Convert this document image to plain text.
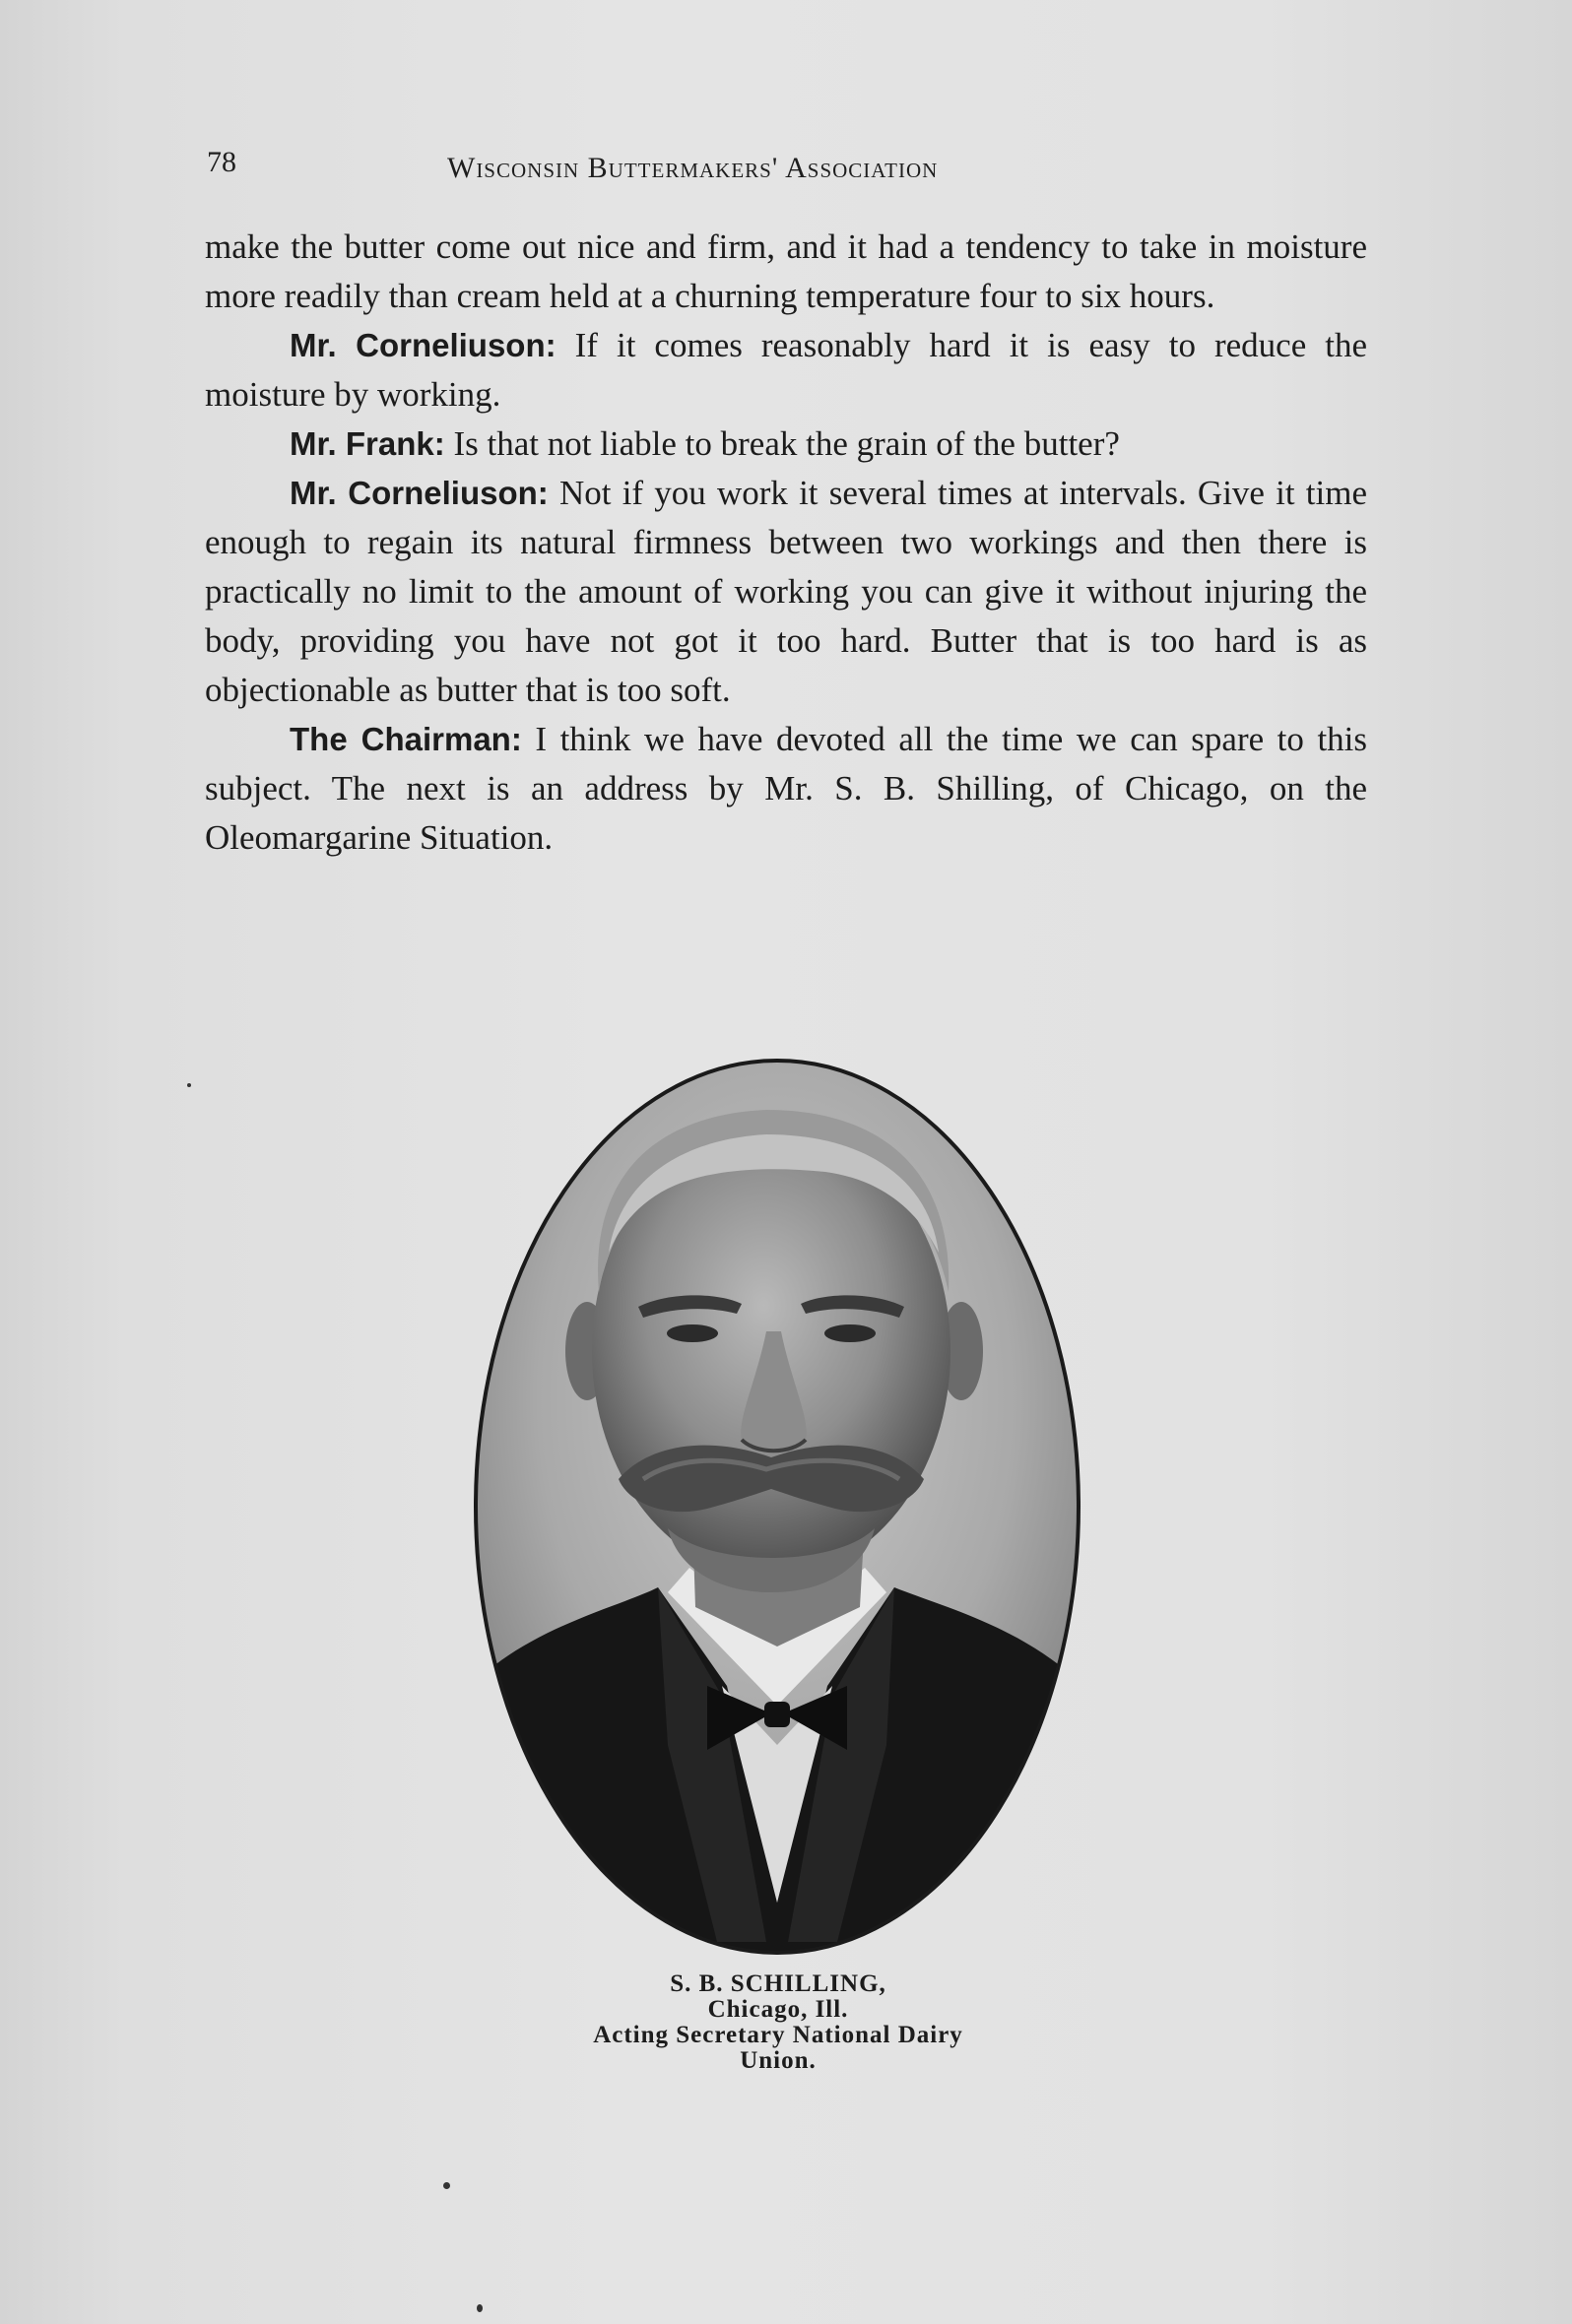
78	Wisconsin Buttermakers' Association

make the butter come out nice and firm, and it had a tendency to take in moisture more readily than cream held at a churning temperature four to six hours.

Mr. Corneliuson: If it comes reasonably hard it is easy to reduce the moisture by working.

Mr. Frank: Is that not liable to break the grain of the butter?

Mr. Corneliuson: Not if you work it several times at intervals. Give it time enough to regain its natural firmness between two workings and then there is practically no limit to the amount of working you can give it without injuring the body, providing you have not got it too hard. Butter that is too hard is as objectionable as butter that is too soft.

The Chairman: I think we have devoted all the time we can spare to this subject. The next is an address by Mr. S. B. Shilling, of Chicago, on the Oleomargarine Situation.

S. B. SCHILLING,
Chicago, Ill.
Acting Secretary National Dairy
Union.
